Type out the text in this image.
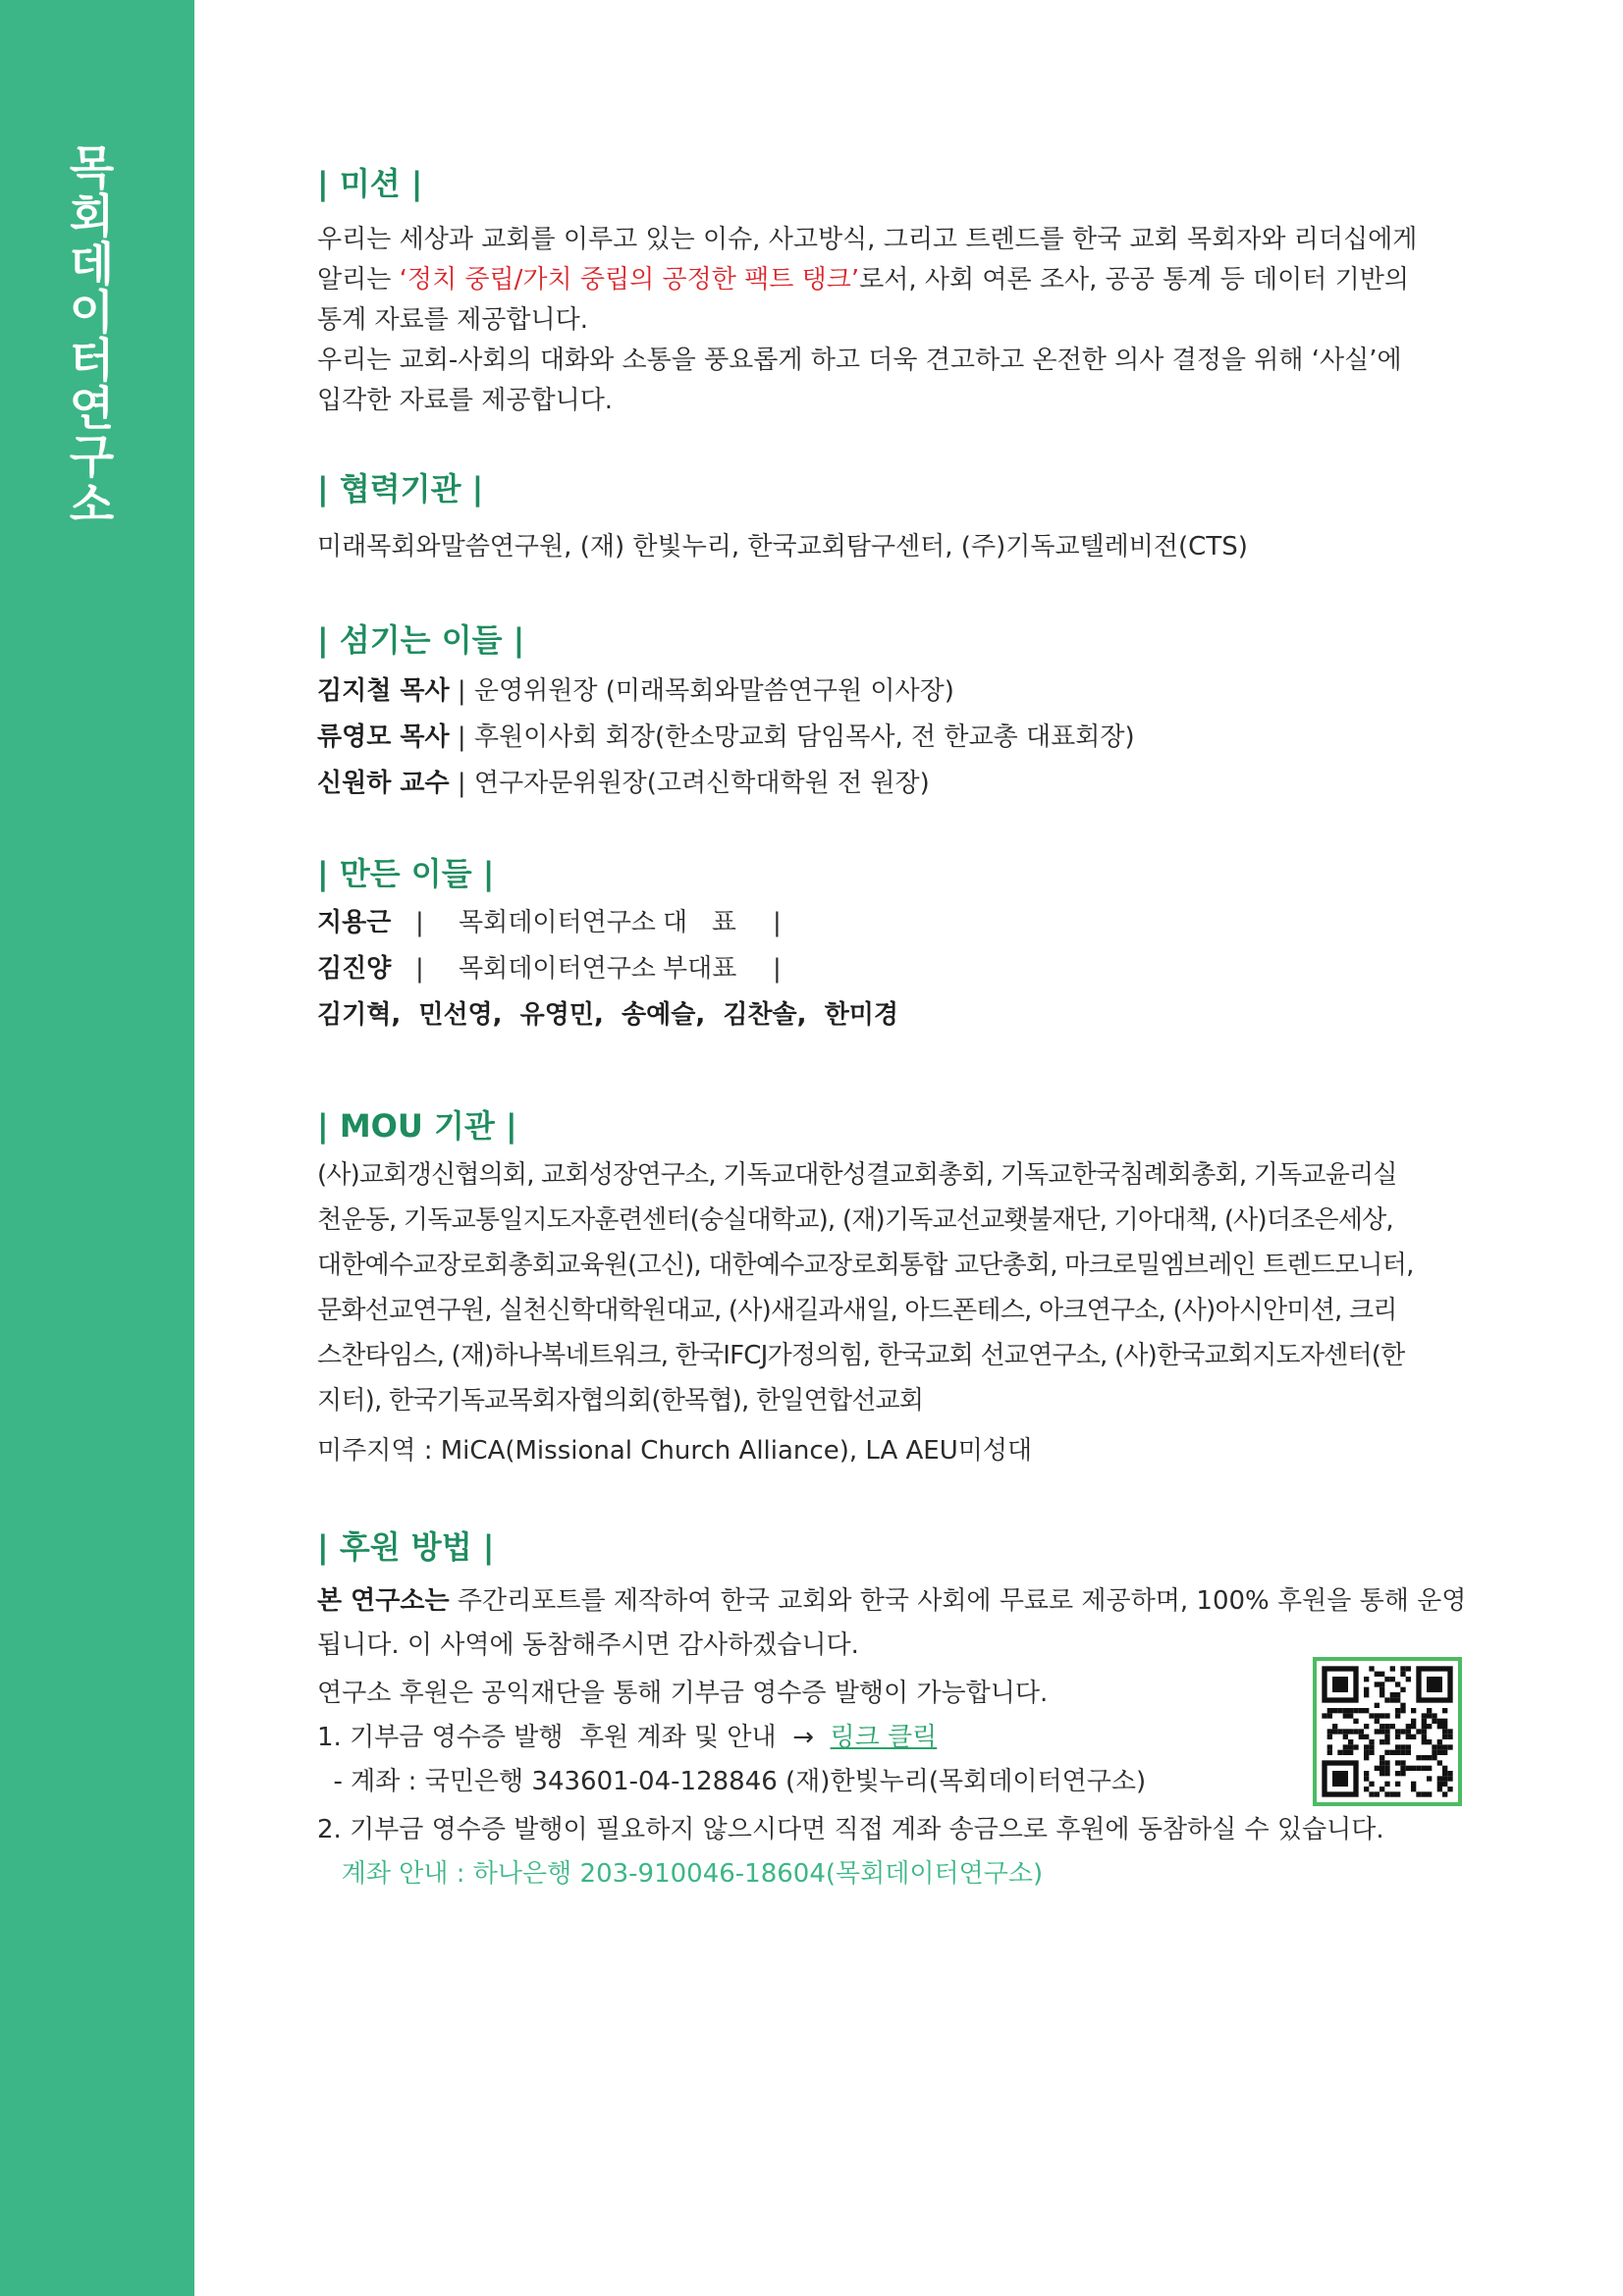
목회데이터연구소	| 미션 |

우리는 세상과 교회를 이루고 있는 이슈, 사고방식, 그리고 트렌드를 한국 교회 목회자와 리더십에게

알리는 ‘정치 중립/가치 중립의 공정한 팩트 탱크’로서, 사회 여론 조사, 공공 통계 등 데이터 기반의

통계 자료를 제공합니다.

우리는 교회-사회의 대화와 소통을 풍요롭게 하고 더욱 견고하고 온전한 의사 결정을 위해 ‘사실’에

입각한 자료를 제공합니다.

| 협력기관 |
미래목회와말씀연구원, (재) 한빛누리, 한국교회탐구센터, (주)기독교텔레비전(CTS)
| 섬기는 이들 |
김지철 목사 | 운영위원장 (미래목회와말씀연구원 이사장)
류영모 목사 | 후원이사회 회장(한소망교회 담임목사, 전 한교총 대표회장)
신원하 교수 | 연구자문위원장(고려신학대학원 전 원장)
| 만든 이들 |
지용근 | 목회데이터연구소 대   표 |
김진양 | 목회데이터연구소 부대표 |
김기혁,  민선영,  유영민,  송예슬,  김찬솔,  한미경
| MOU 기관 |

(사)교회갱신협의회, 교회성장연구소, 기독교대한성결교회총회, 기독교한국침례회총회, 기독교윤리실

천운동, 기독교통일지도자훈련센터(숭실대학교), (재)기독교선교횃불재단, 기아대책, (사)더조은세상,

대한예수교장로회총회교육원(고신), 대한예수교장로회통합 교단총회, 마크로밀엠브레인 트렌드모니터,

문화선교연구원, 실천신학대학원대교, (사)새길과새일, 아드폰테스, 아크연구소, (사)아시안미션, 크리

스찬타임스, (재)하나복네트워크, 한국IFCJ가정의힘, 한국교회 선교연구소, (사)한국교회지도자센터(한

지터), 한국기독교목회자협의회(한목협), 한일연합선교회

미주지역 : MiCA(Missional Church Alliance), LA AEU미성대
| 후원 방법 |

본 연구소는 주간리포트를 제작하여 한국 교회와 한국 사회에 무료로 제공하며, 100% 후원을 통해 운영

됩니다. 이 사역에 동참해주시면 감사하겠습니다.

연구소 후원은 공익재단을 통해 기부금 영수증 발행이 가능합니다.

1. 기부금 영수증 발행  후원 계좌 및 안내  →  링크 클릭

- 계좌 : 국민은행 343601-04-128846 (재)한빛누리(목회데이터연구소)

2. 기부금 영수증 발행이 필요하지 않으시다면 직접 계좌 송금으로 후원에 동참하실 수 있습니다.

계좌 안내 : 하나은행 203-910046-18604(목회데이터연구소)
